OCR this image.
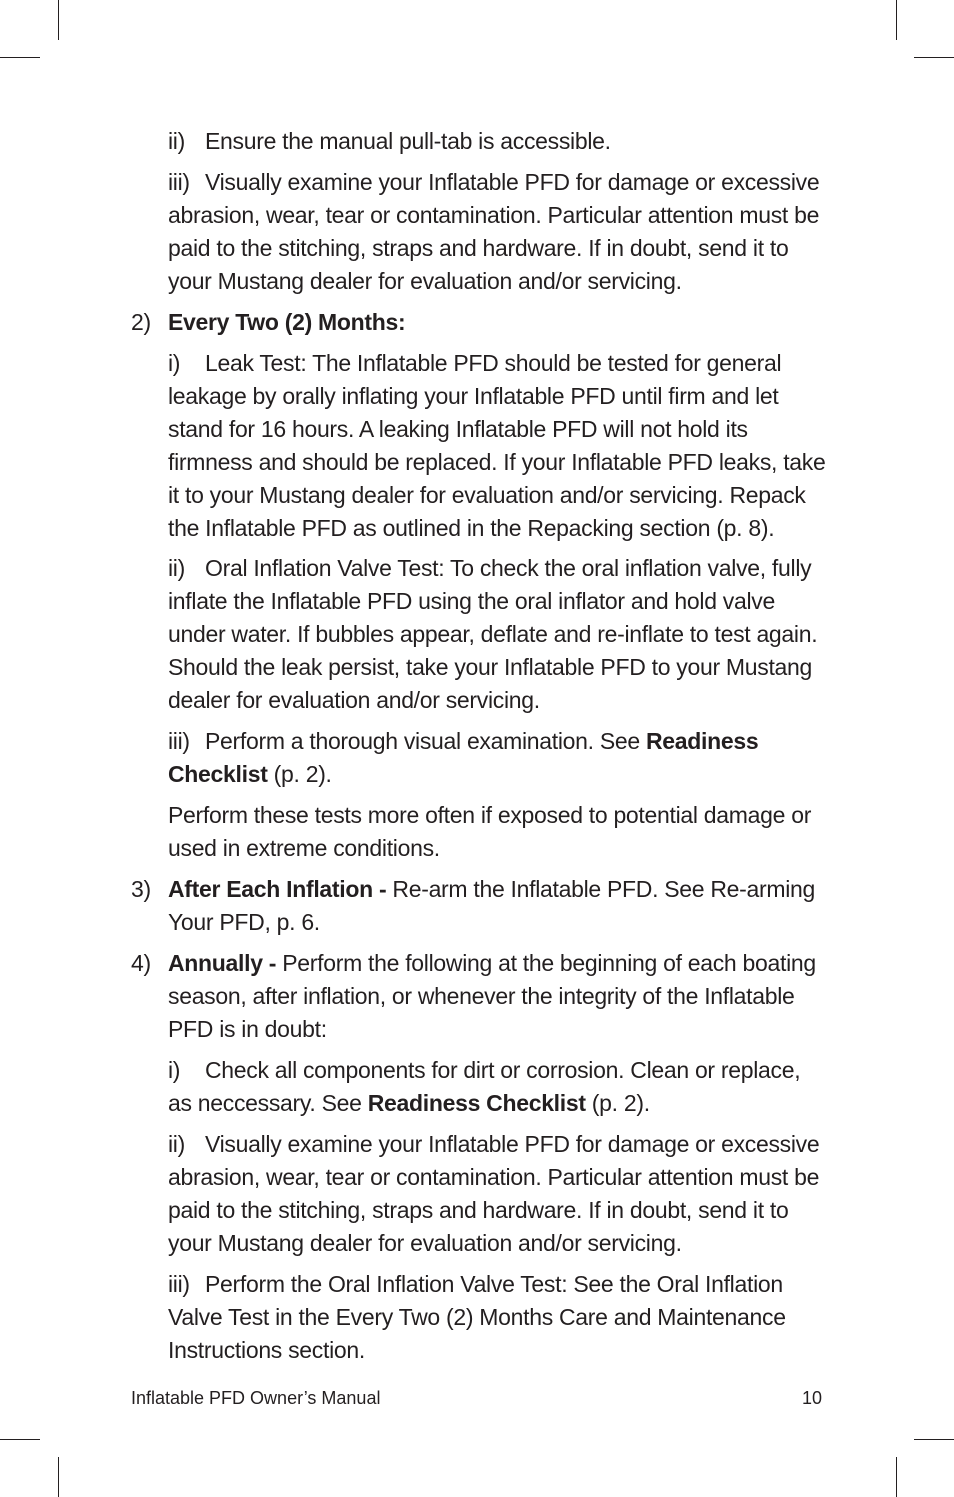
ii) Ensure the manual pull-tab is accessible.

iii) Visually examine your Inflatable PFD for damage or excessive abrasion, wear, tear or contamination. Particular attention must be paid to the stitching, straps and hardware. If in doubt, send it to your Mustang dealer for evaluation and/or servicing.

2) Every Two (2) Months:

i) Leak Test: The Inflatable PFD should be tested for general leakage by orally inflating your Inflatable PFD until firm and let stand for 16 hours. A leaking Inflatable PFD will not hold its firmness and should be replaced. If your Inflatable PFD leaks, take it to your Mustang dealer for evaluation and/or servicing. Repack the Inflatable PFD as outlined in the Repacking section (p. 8).

ii) Oral Inflation Valve Test: To check the oral inflation valve, fully inflate the Inflatable PFD using the oral inflator and hold valve under water. If bubbles appear, deflate and re-inflate to test again. Should the leak persist, take your Inflatable PFD to your Mustang dealer for evaluation and/or servicing.

iii) Perform a thorough visual examination. See Readiness Checklist (p. 2).

Perform these tests more often if exposed to potential damage or used in extreme conditions.

3) After Each Inflation - Re-arm the Inflatable PFD. See Re-arming Your PFD, p. 6.

4) Annually - Perform the following at the beginning of each boating season, after inflation, or whenever the integrity of the Inflatable PFD is in doubt:

i) Check all components for dirt or corrosion. Clean or replace, as neccessary. See Readiness Checklist (p. 2).

ii) Visually examine your Inflatable PFD for damage or excessive abrasion, wear, tear or contamination. Particular attention must be paid to the stitching, straps and hardware. If in doubt, send it to your Mustang dealer for evaluation and/or servicing.

iii) Perform the Oral Inflation Valve Test: See the Oral Inflation Valve Test in the Every Two (2) Months Care and Maintenance Instructions section.

Inflatable PFD Owner’s Manual	10
